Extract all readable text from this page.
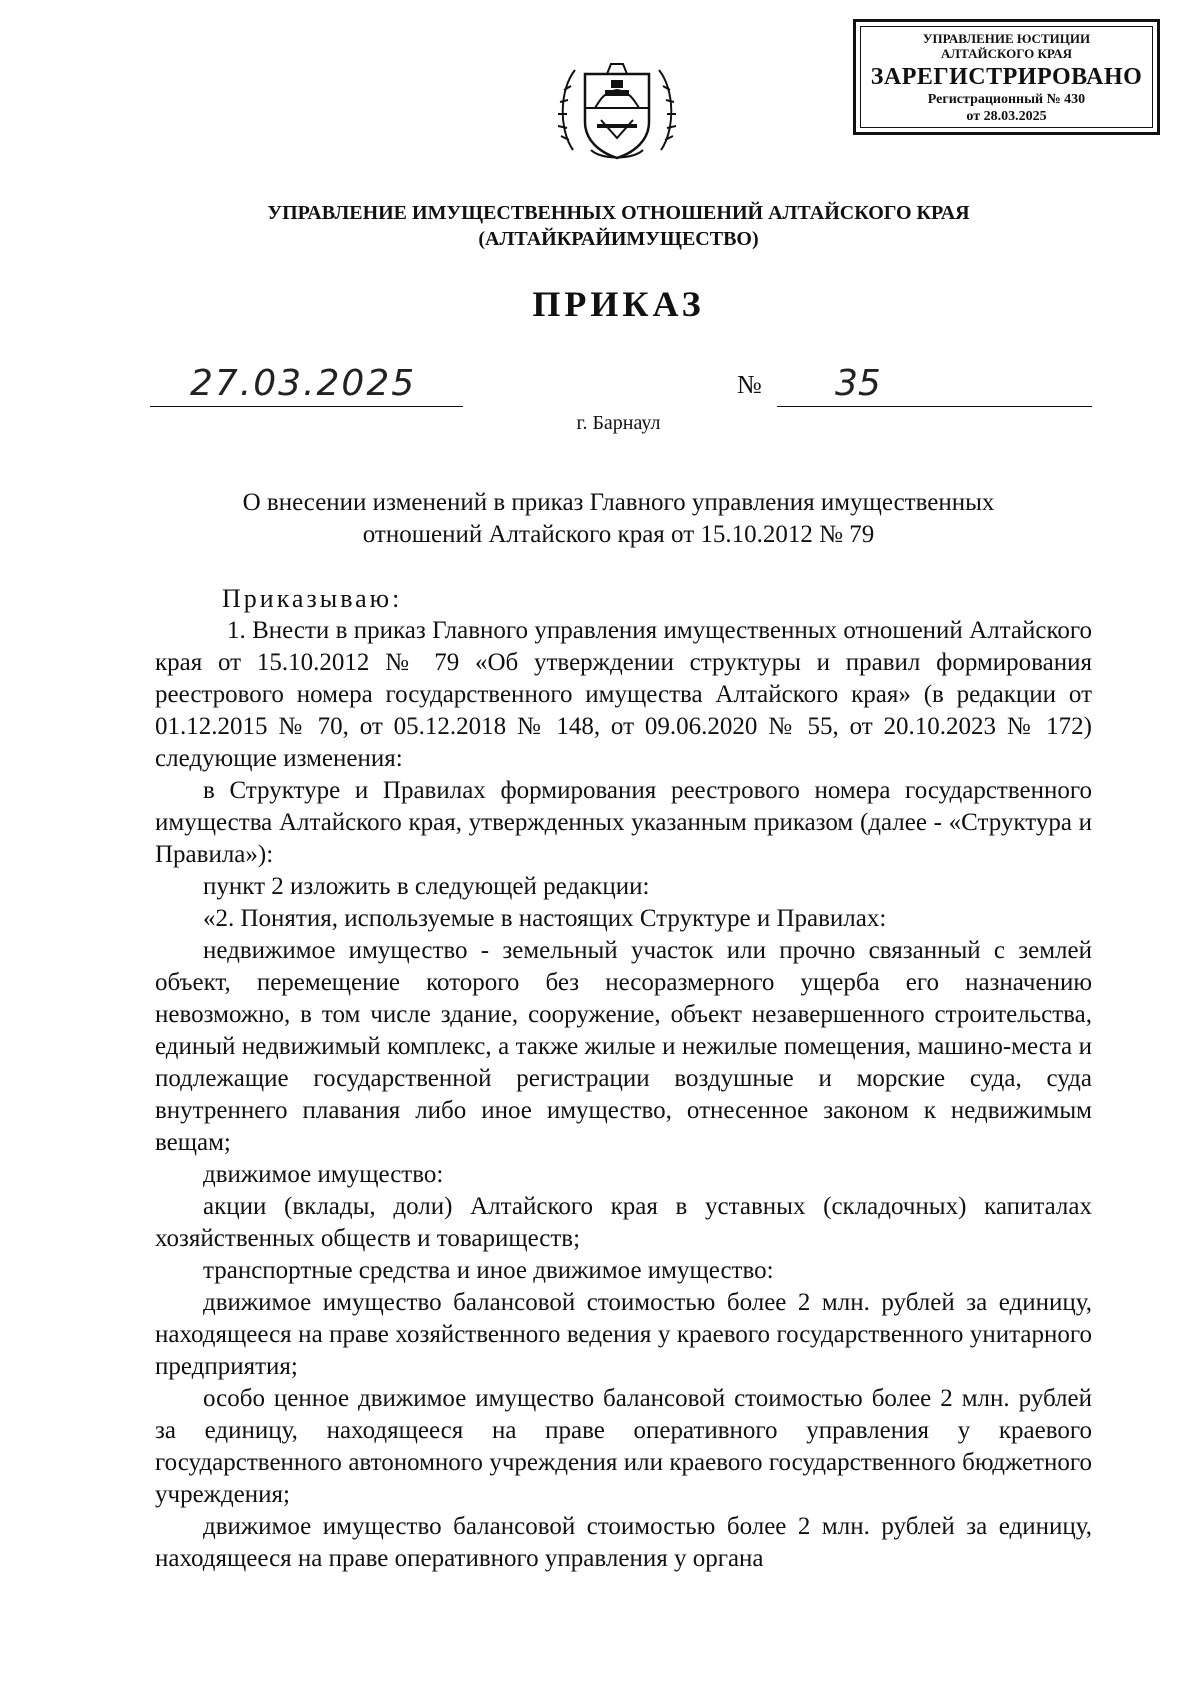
УПРАВЛЕНИЕ ЮСТИЦИИ
АЛТАЙСКОГО КРАЯ
ЗАРЕГИСТРИРОВАНО
Регистрационный № 430
от 28.03.2025
УПРАВЛЕНИЕ ИМУЩЕСТВЕННЫХ ОТНОШЕНИЙ АЛТАЙСКОГО КРАЯ
(АЛТАЙКРАЙИМУЩЕСТВО)
ПРИКАЗ
27.03.2025	№ 35
г. Барнаул
О внесении изменений в приказ Главного управления имущественных
отношений Алтайского края от 15.10.2012 № 79

Приказываю:

1. Внести в приказ Главного управления имущественных отношений Алтайского края от 15.10.2012 № 79 «Об утверждении структуры и правил формирования реестрового номера государственного имущества Алтайского края» (в редакции от 01.12.2015 № 70, от 05.12.2018 № 148, от 09.06.2020 № 55, от 20.10.2023 № 172) следующие изменения:

в Структуре и Правилах формирования реестрового номера государственного имущества Алтайского края, утвержденных указанным приказом (далее - «Структура и Правила»):

пункт 2 изложить в следующей редакции:

«2. Понятия, используемые в настоящих Структуре и Правилах:

недвижимое имущество - земельный участок или прочно связанный с землей объект, перемещение которого без несоразмерного ущерба его назначению невозможно, в том числе здание, сооружение, объект незавершенного строительства, единый недвижимый комплекс, а также жилые и нежилые помещения, машино-места и подлежащие государственной регистрации воздушные и морские суда, суда внутреннего плавания либо иное имущество, отнесенное законом к недвижимым вещам;

движимое имущество:

акции (вклады, доли) Алтайского края в уставных (складочных) капиталах хозяйственных обществ и товариществ;

транспортные средства и иное движимое имущество:

движимое имущество балансовой стоимостью более 2 млн. рублей за единицу, находящееся на праве хозяйственного ведения у краевого государственного унитарного предприятия;

особо ценное движимое имущество балансовой стоимостью более 2 млн. рублей за единицу, находящееся на праве оперативного управления у краевого государственного автономного учреждения или краевого государственного бюджетного учреждения;

движимое имущество балансовой стоимостью более 2 млн. рублей за единицу, находящееся на праве оперативного управления у органа
